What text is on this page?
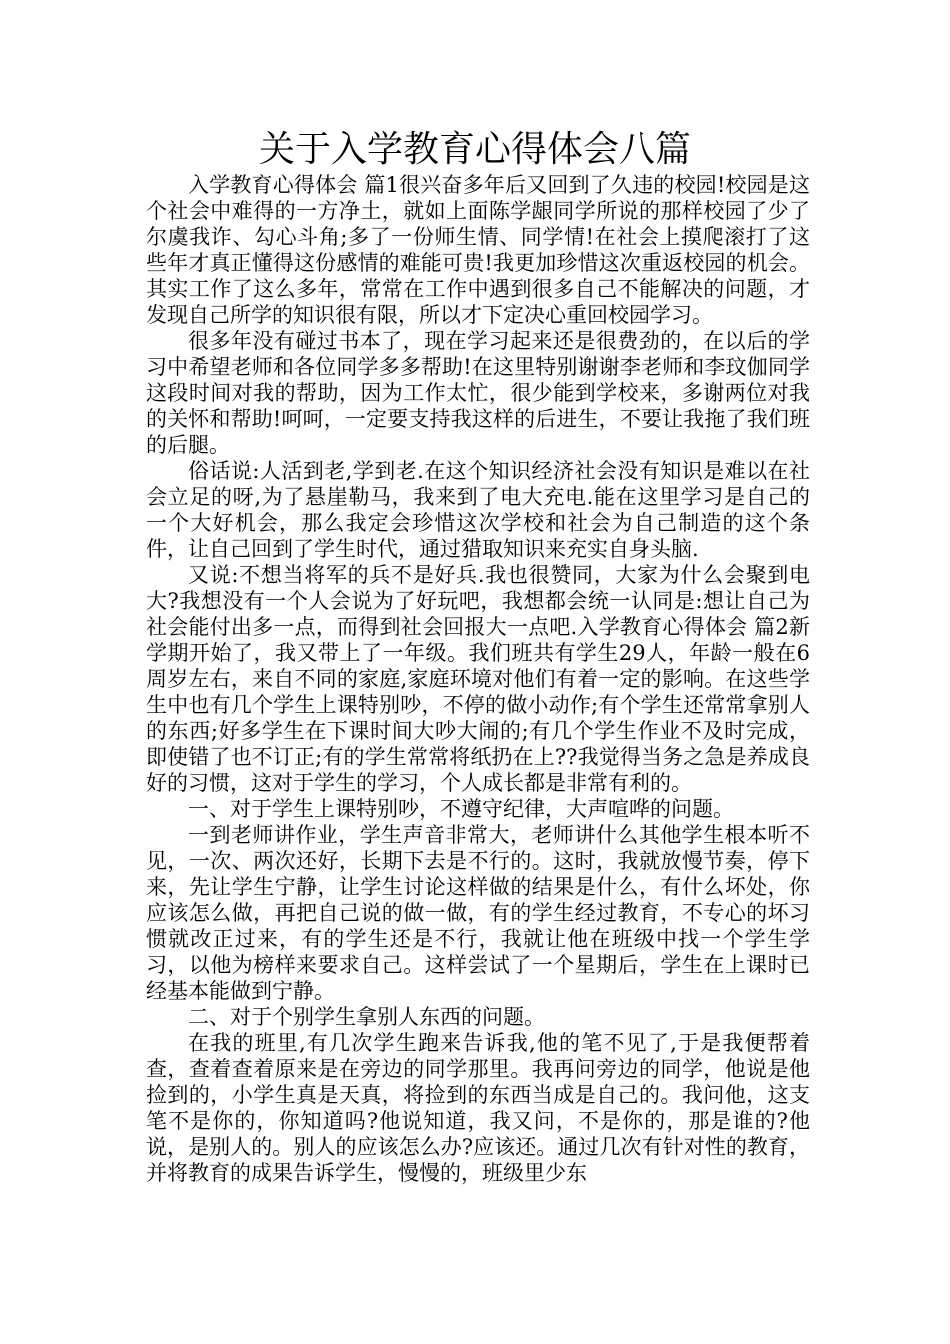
关于入学教育心得体会八篇

入学教育心得体会 篇1很兴奋多年后又回到了久违的校园!校园是这个社会中难得的一方净土，就如上面陈学龈同学所说的那样校园了少了尔虞我诈、勾心斗角;多了一份师生情、同学情!在社会上摸爬滚打了这些年才真正懂得这份感情的难能可贵!我更加珍惜这次重返校园的机会。其实工作了这么多年，常常在工作中遇到很多自己不能解决的问题，才发现自己所学的知识很有限，所以才下定决心重回校园学习。

很多年没有碰过书本了，现在学习起来还是很费劲的，在以后的学习中希望老师和各位同学多多帮助!在这里特别谢谢李老师和李玟伽同学这段时间对我的帮助，因为工作太忙，很少能到学校来，多谢两位对我的关怀和帮助!呵呵，一定要支持我这样的后进生，不要让我拖了我们班的后腿。

俗话说:人活到老,学到老.在这个知识经济社会没有知识是难以在社会立足的呀,为了悬崖勒马，我来到了电大充电.能在这里学习是自己的一个大好机会，那么我定会珍惜这次学校和社会为自己制造的这个条件，让自己回到了学生时代，通过猎取知识来充实自身头脑.

又说:不想当将军的兵不是好兵.我也很赞同，大家为什么会聚到电大?我想没有一个人会说为了好玩吧，我想都会统一认同是:想让自己为社会能付出多一点，而得到社会回报大一点吧.入学教育心得体会 篇2新学期开始了，我又带上了一年级。我们班共有学生29人，年龄一般在6周岁左右，来自不同的家庭,家庭环境对他们有着一定的影响。在这些学生中也有几个学生上课特别吵，不停的做小动作;有个学生还常常拿别人的东西;好多学生在下课时间大吵大闹的;有几个学生作业不及时完成，即使错了也不订正;有的学生常常将纸扔在上??我觉得当务之急是养成良好的习惯，这对于学生的学习，个人成长都是非常有利的。

一、对于学生上课特别吵，不遵守纪律，大声喧哗的问题。

一到老师讲作业，学生声音非常大，老师讲什么其他学生根本听不见，一次、两次还好，长期下去是不行的。这时，我就放慢节奏，停下来，先让学生宁静，让学生讨论这样做的结果是什么，有什么坏处，你应该怎么做，再把自己说的做一做，有的学生经过教育，不专心的坏习惯就改正过来，有的学生还是不行，我就让他在班级中找一个学生学习，以他为榜样来要求自己。这样尝试了一个星期后，学生在上课时已经基本能做到宁静。

二、对于个别学生拿别人东西的问题。

在我的班里,有几次学生跑来告诉我,他的笔不见了,于是我便帮着查，查着查着原来是在旁边的同学那里。我再问旁边的同学，他说是他捡到的，小学生真是天真，将捡到的东西当成是自己的。我问他，这支笔不是你的，你知道吗?他说知道，我又问，不是你的，那是谁的?他说，是别人的。别人的应该怎么办?应该还。通过几次有针对性的教育，并将教育的成果告诉学生，慢慢的，班级里少东
